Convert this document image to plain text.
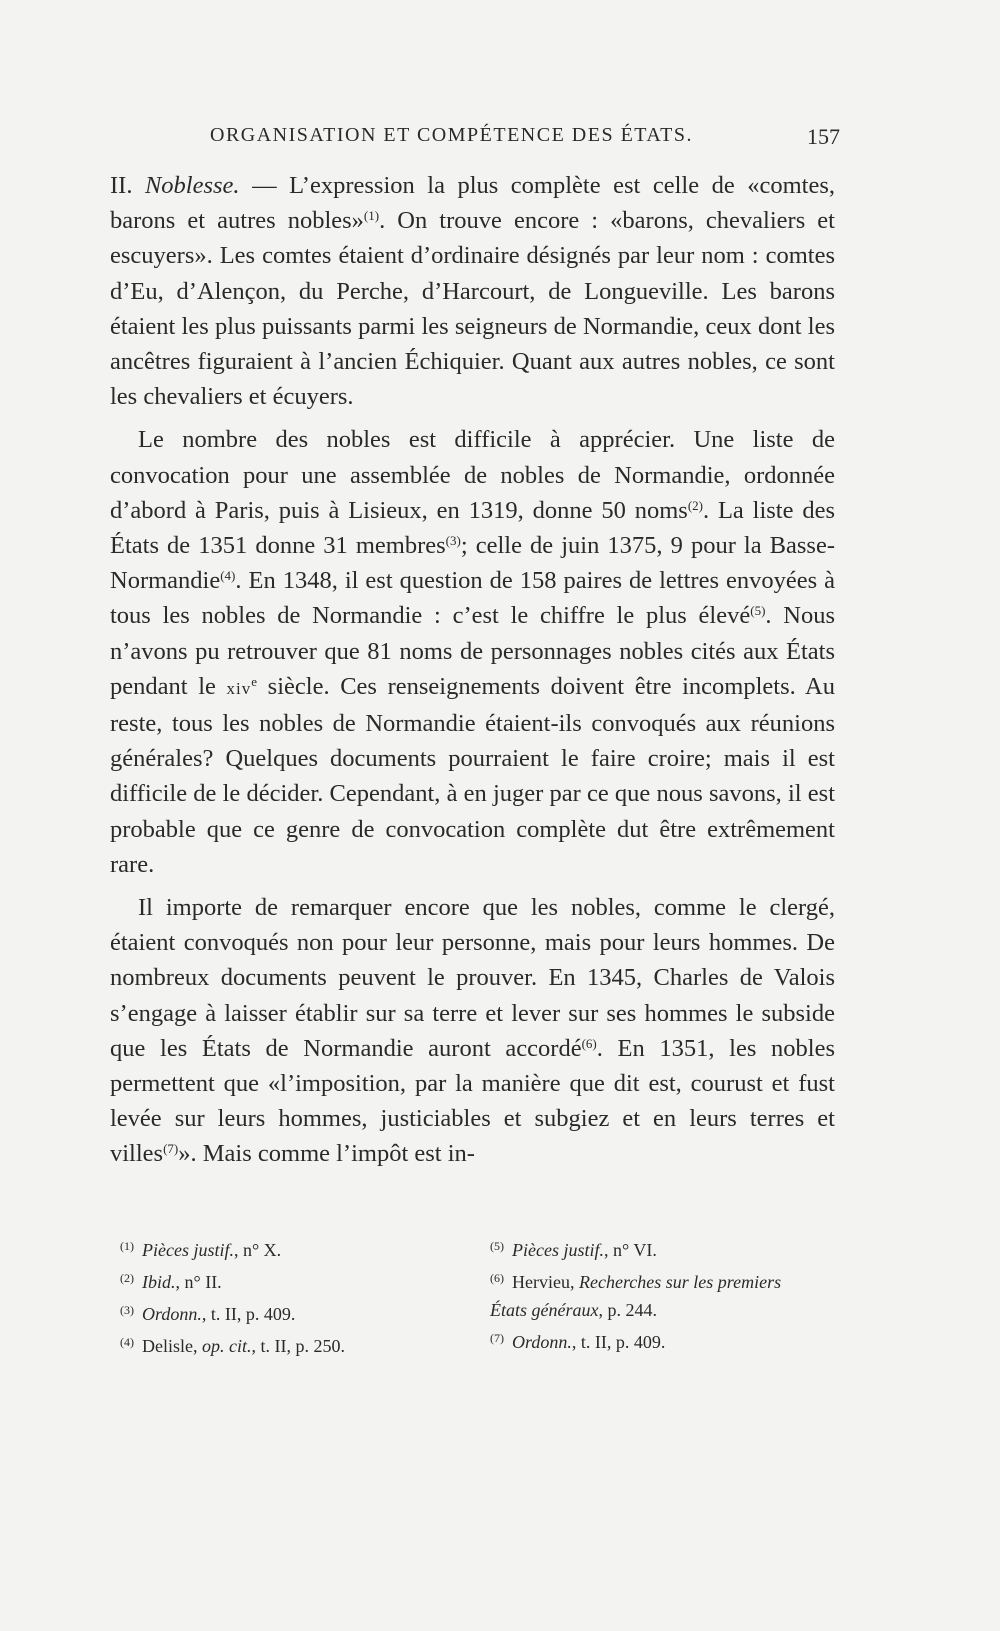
ORGANISATION ET COMPÉTENCE DES ÉTATS.	157

II. Noblesse. — L’expression la plus complète est celle de «comtes, barons et autres nobles»$^{(1)}$. On trouve encore : «barons, chevaliers et escuyers». Les comtes étaient d’ordinaire désignés par leur nom : comtes d’Eu, d’Alençon, du Perche, d’Harcourt, de Longueville. Les barons étaient les plus puissants parmi les seigneurs de Normandie, ceux dont les ancêtres figuraient à l’ancien Échiquier. Quant aux autres nobles, ce sont les chevaliers et écuyers.

Le nombre des nobles est difficile à apprécier. Une liste de convocation pour une assemblée de nobles de Normandie, ordonnée d’abord à Paris, puis à Lisieux, en 1319, donne 50 noms$^{(2)}$. La liste des États de 1351 donne 31 membres$^{(3)}$; celle de juin 1375, 9 pour la Basse-Normandie$^{(4)}$. En 1348, il est question de 158 paires de lettres envoyées à tous les nobles de Normandie : c’est le chiffre le plus élevé$^{(5)}$. Nous n’avons pu retrouver que 81 noms de personnages nobles cités aux États pendant le xiv$^e$ siècle. Ces renseignements doivent être incomplets. Au reste, tous les nobles de Normandie étaient-ils convoqués aux réunions générales? Quelques documents pourraient le faire croire; mais il est difficile de le décider. Cependant, à en juger par ce que nous savons, il est probable que ce genre de convocation complète dut être extrêmement rare.

Il importe de remarquer encore que les nobles, comme le clergé, étaient convoqués non pour leur personne, mais pour leurs hommes. De nombreux documents peuvent le prouver. En 1345, Charles de Valois s’engage à laisser établir sur sa terre et lever sur ses hommes le subside que les États de Normandie auront accordé$^{(6)}$. En 1351, les nobles permettent que «l’imposition, par la manière que dit est, courust et fust levée sur leurs hommes, justiciables et subgiez et en leurs terres et villes$^{(7)}$». Mais comme l’impôt est in-

$^{(1)}$ Pièces justif., n° X.
$^{(2)}$ Ibid., n° II.
$^{(3)}$ Ordonn., t. II, p. 409.
$^{(4)}$ Delisle, op. cit., t. II, p. 250.
$^{(5)}$ Pièces justif., n° VI.
$^{(6)}$ Hervieu, Recherches sur les premiers
États généraux, p. 244.
$^{(7)}$ Ordonn., t. II, p. 409.
